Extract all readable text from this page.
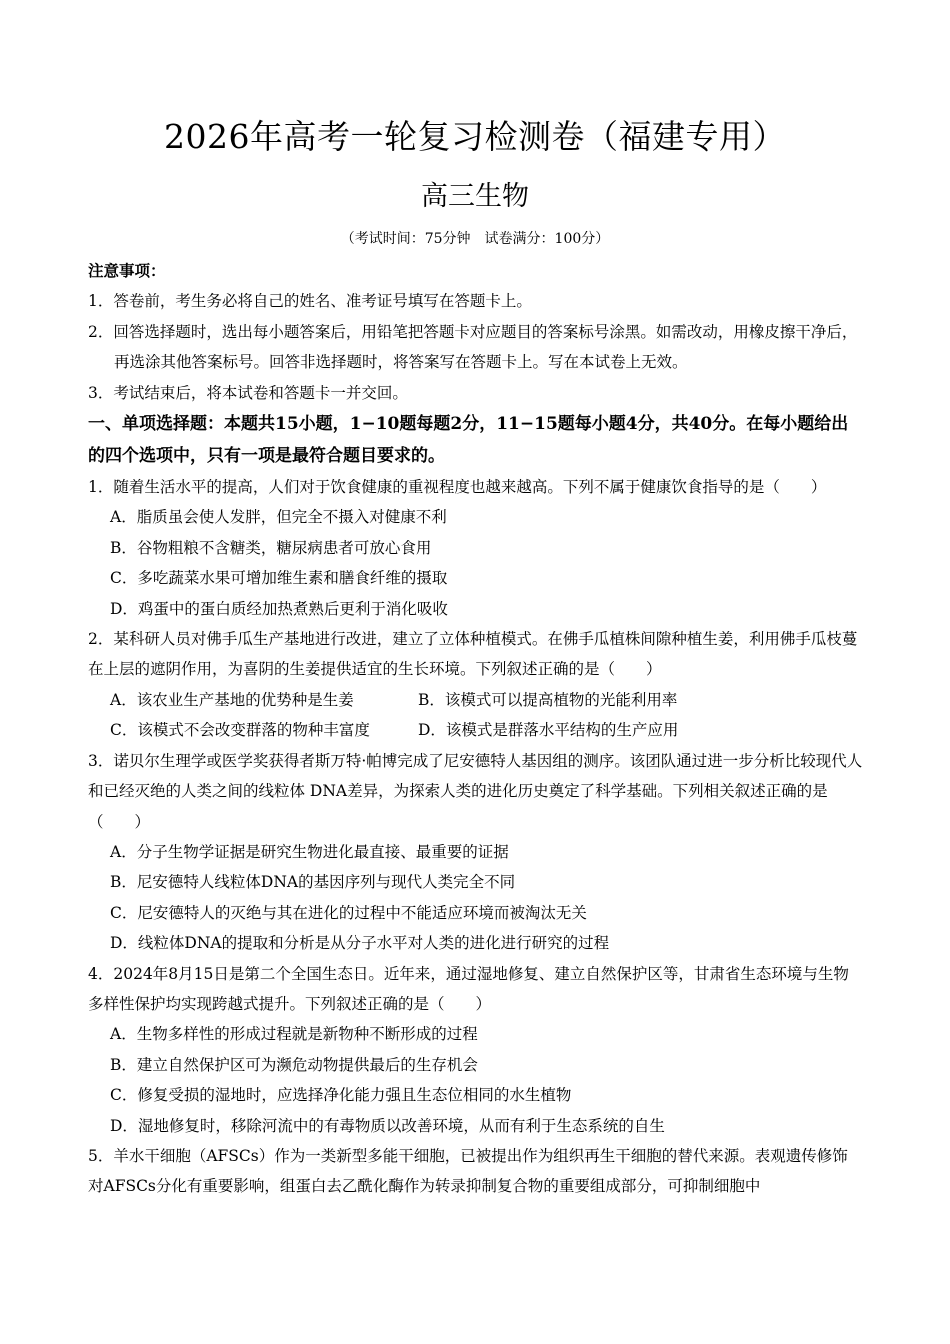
2026年高考一轮复习检测卷（福建专用）
高三生物
（考试时间：75分钟　试卷满分：100分）

注意事项：

1．答卷前，考生务必将自己的姓名、准考证号填写在答题卡上。

2．回答选择题时，选出每小题答案后，用铅笔把答题卡对应题目的答案标号涂黑。如需改动，用橡皮擦干净后，再选涂其他答案标号。回答非选择题时，将答案写在答题卡上。写在本试卷上无效。

3．考试结束后，将本试卷和答题卡一并交回。

一、单项选择题：本题共15小题，1−10题每题2分，11−15题每小题4分，共40分。在每小题给出的四个选项中，只有一项是最符合题目要求的。

1．随着生活水平的提高，人们对于饮食健康的重视程度也越来越高。下列不属于健康饮食指导的是（　　）

A．脂质虽会使人发胖，但完全不摄入对健康不利

B．谷物粗粮不含糖类，糖尿病患者可放心食用

C．多吃蔬菜水果可增加维生素和膳食纤维的摄取

D．鸡蛋中的蛋白质经加热煮熟后更利于消化吸收

2．某科研人员对佛手瓜生产基地进行改进，建立了立体种植模式。在佛手瓜植株间隙种植生姜，利用佛手瓜枝蔓在上层的遮阴作用，为喜阴的生姜提供适宜的生长环境。下列叙述正确的是（　　）

A．该农业生产基地的优势种是生姜	B．该模式可以提高植物的光能利用率
C．该模式不会改变群落的物种丰富度	D．该模式是群落水平结构的生产应用

3．诺贝尔生理学或医学奖获得者斯万特·帕博完成了尼安德特人基因组的测序。该团队通过进一步分析比较现代人和已经灭绝的人类之间的线粒体 DNA差异，为探索人类的进化历史奠定了科学基础。下列相关叙述正确的是（　　）

A．分子生物学证据是研究生物进化最直接、最重要的证据

B．尼安德特人线粒体DNA的基因序列与现代人类完全不同

C．尼安德特人的灭绝与其在进化的过程中不能适应环境而被淘汰无关

D．线粒体DNA的提取和分析是从分子水平对人类的进化进行研究的过程

4．2024年8月15日是第二个全国生态日。近年来，通过湿地修复、建立自然保护区等，甘肃省生态环境与生物多样性保护均实现跨越式提升。下列叙述正确的是（　　）

A．生物多样性的形成过程就是新物种不断形成的过程

B．建立自然保护区可为濒危动物提供最后的生存机会

C．修复受损的湿地时，应选择净化能力强且生态位相同的水生植物

D．湿地修复时，移除河流中的有毒物质以改善环境，从而有利于生态系统的自生

5．羊水干细胞（AFSCs）作为一类新型多能干细胞，已被提出作为组织再生干细胞的替代来源。表观遗传修饰对AFSCs分化有重要影响，组蛋白去乙酰化酶作为转录抑制复合物的重要组成部分，可抑制细胞中
